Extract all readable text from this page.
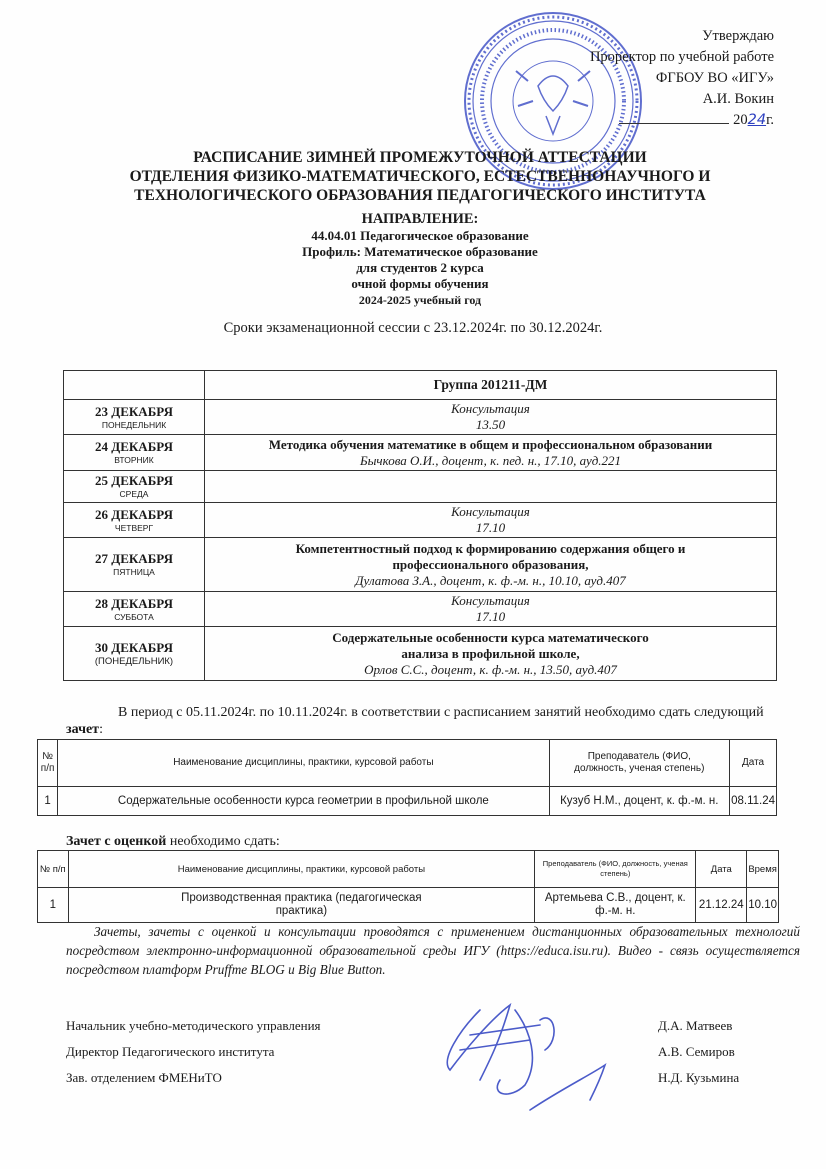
Утверждаю
Проректор по учебной работе
ФГБОУ ВО «ИГУ»
А.И. Вокин
2024г.
РАСПИСАНИЕ ЗИМНЕЙ ПРОМЕЖУТОЧНОЙ АТТЕСТАЦИИ
ОТДЕЛЕНИЯ ФИЗИКО-МАТЕМАТИЧЕСКОГО, ЕСТЕСТВЕННОНАУЧНОГО И
ТЕХНОЛОГИЧЕСКОГО ОБРАЗОВАНИЯ ПЕДАГОГИЧЕСКОГО ИНСТИТУТА
НАПРАВЛЕНИЕ:
44.04.01 Педагогическое образование
Профиль: Математическое образование
для студентов 2 курса
очной формы обучения
2024-2025 учебный год
Сроки экзаменационной сессии с 23.12.2024г. по 30.12.2024г.
	Группа 201211-ДМ

23 ДЕКАБРЯ
ПОНЕДЕЛЬНИК	Консультация
13.50

24 ДЕКАБРЯ
ВТОРНИК	Методика обучения математике в общем и профессиональном образовании
Бычкова О.И., доцент, к. пед. н., 17.10, ауд.221

25 ДЕКАБРЯ
СРЕДА	

26 ДЕКАБРЯ
ЧЕТВЕРГ	Консультация
17.10

27 ДЕКАБРЯ
ПЯТНИЦА	Компетентностный подход к формированию содержания общего и профессионального образования,
Дулатова З.А., доцент, к. ф.-м. н., 10.10, ауд.407

28 ДЕКАБРЯ
СУББОТА	Консультация
17.10

30 ДЕКАБРЯ
(ПОНЕДЕЛЬНИК)	Содержательные особенности курса математического анализа в профильной школе,
Орлов С.С., доцент, к. ф.-м. н., 13.50, ауд.407
В период с 05.11.2024г. по 10.11.2024г. в соответствии с расписанием занятий необходимо сдать следующий зачет:
№ п/п	Наименование дисциплины, практики, курсовой работы	Преподаватель (ФИО, должность, ученая степень)	Дата
1	Содержательные особенности курса геометрии в профильной школе	Кузуб Н.М., доцент, к. ф.-м. н.	08.11.24
Зачет с оценкой необходимо сдать:
№ п/п	Наименование дисциплины, практики, курсовой работы	Преподаватель (ФИО, должность, ученая степень)	Дата	Время
1	Производственная практика (педагогическая практика)	Артемьева С.В., доцент, к. ф.-м. н.	21.12.24	10.10
Зачеты, зачеты с оценкой и консультации проводятся с применением дистанционных образовательных технологий посредством электронно-информационной образовательной среды ИГУ (https://educa.isu.ru). Видео - связь осуществляется посредством платформ Pruffme BLOG и Big Blue Button.
Начальник учебно-методического управления	Д.А. Матвеев
Директор Педагогического института	А.В. Семиров
Зав. отделением ФМЕНиТО	Н.Д. Кузьмина
